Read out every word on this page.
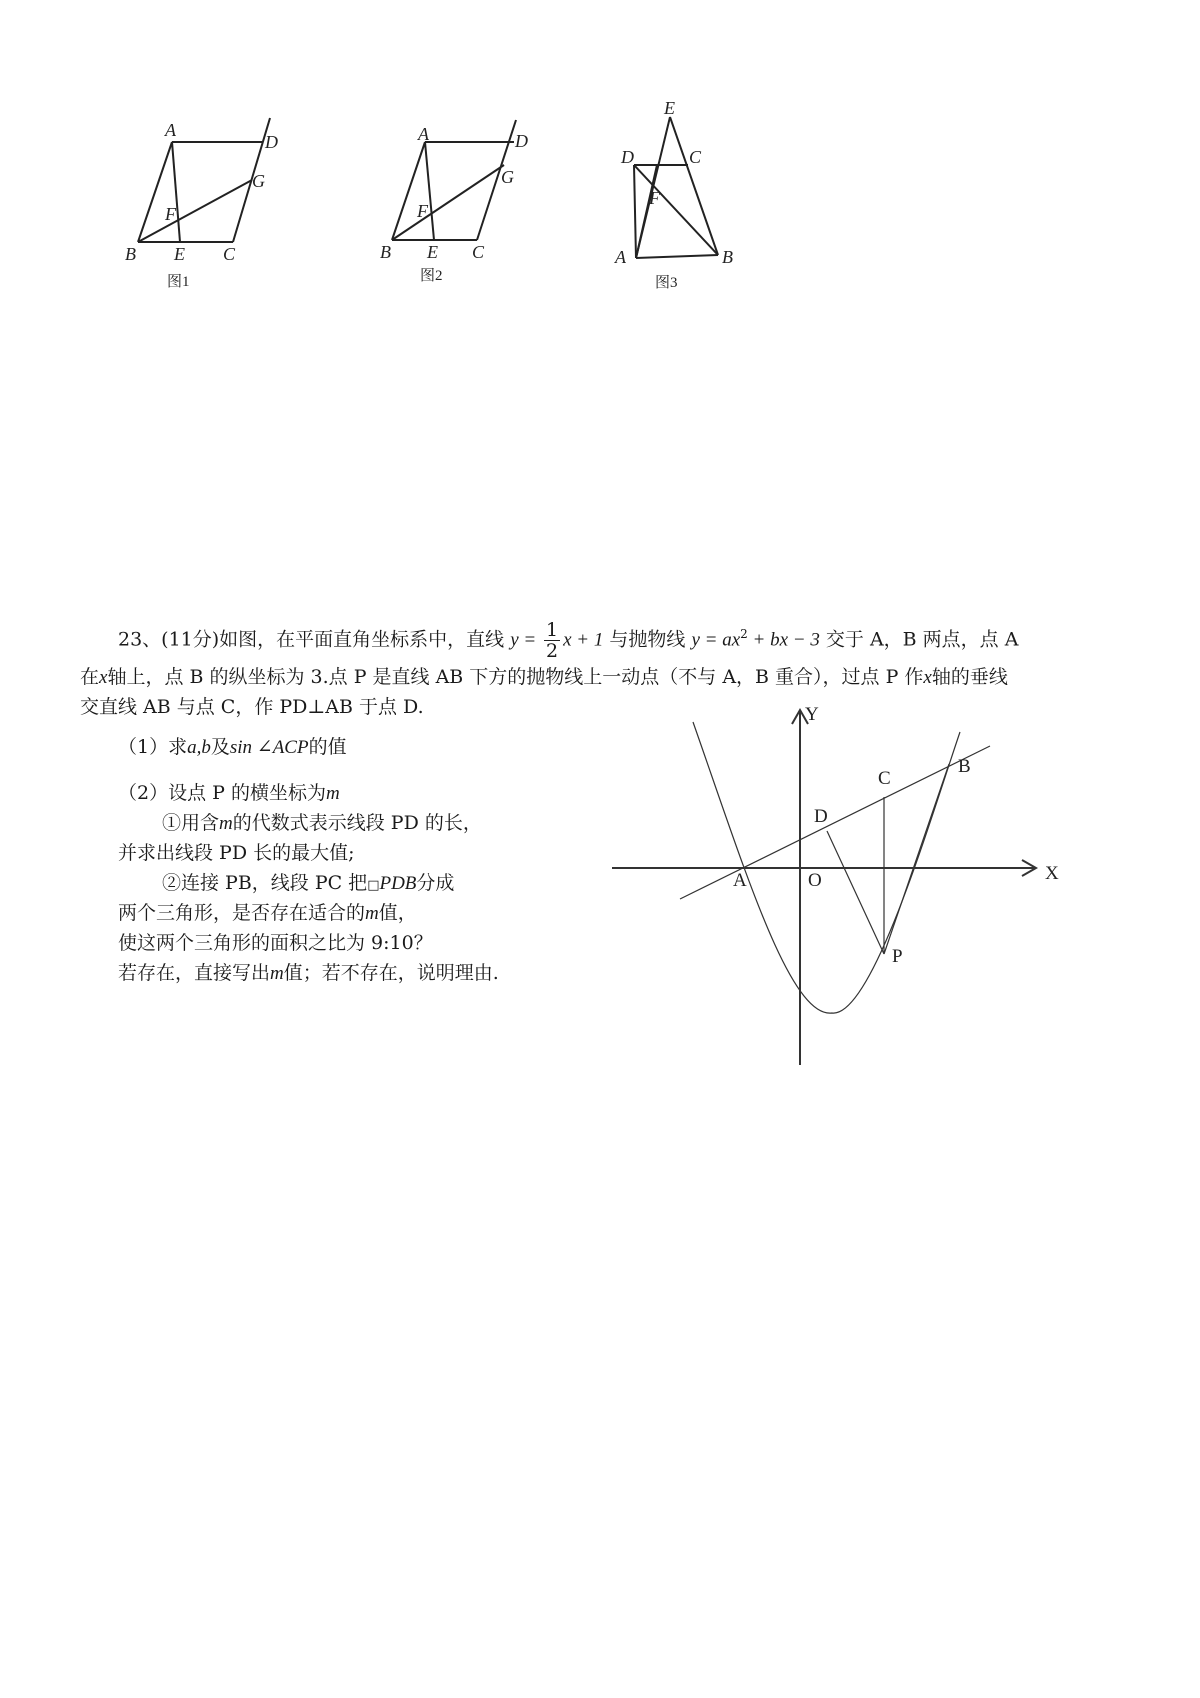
A
D
G
F
B E C
图1
A	D
G
F
B E C
图2
E
D	C
F
A	B
图3
23、(11分)如图，在平面直角坐标系中，直线 $y = \frac{1}{2}$ x + 1 与抛物线 $y = ax^2$ + bx − 3 交于 A，B 两点，点 A
在x轴上，点 B 的纵坐标为 3.点 P 是直线 AB 下方的抛物线上一动点（不与 A，B 重合），过点 P 作x轴的垂线
交直线 AB 与点 C，作 PD⊥AB 于点 D.
（1）求a,b及sin ∠ACP的值
（2）设点 P 的横坐标为m
①用含m的代数式表示线段 PD 的长，
并求出线段 PD 长的最大值;
②连接 PB，线段 PC 把□PDB分成
两个三角形，是否存在适合的m值，
使这两个三角形的面积之比为 9:10？
若存在，直接写出m值；若不存在，说明理由.
Y
X
A	O
D
C
B
P
